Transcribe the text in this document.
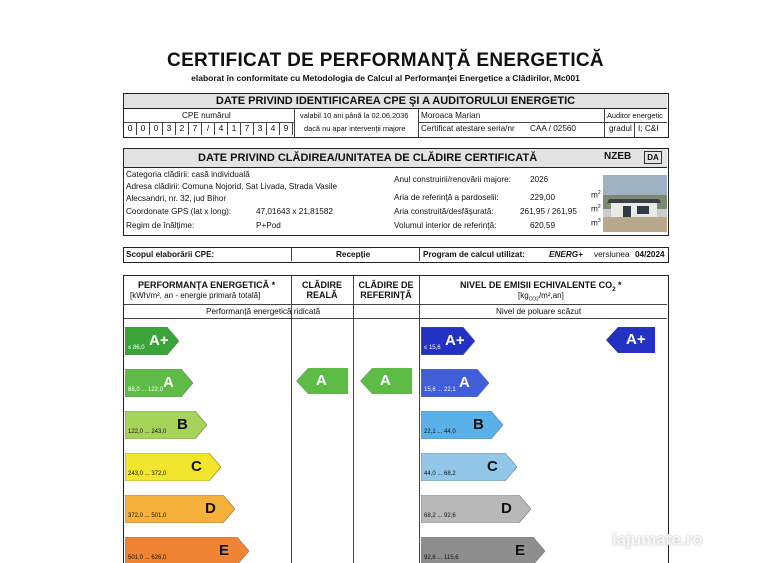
CERTIFICAT DE PERFORMANŢĂ ENERGETICĂ
elaborat în conformitate cu Metodologia de Calcul al Performanţei Energetice a Clădirilor, Mc001
DATE PRIVIND IDENTIFICAREA CPE ŞI A AUDITORULUI ENERGETIC
CPE numărul
0 0 0 3 2 7	/	4 1 7 3 4 9
valabil 10 ani până la 02.06.2036
dacă nu apar intervenţii majore
Moroaca Marian
Certificat atestare seria/nr CAA / 02560
Auditor energetic
gradul I; C&I
DATE PRIVIND CLĂDIREA/UNITATEA DE CLĂDIRE CERTIFICATĂ
Categoria clădirii: casă individuală
Adresa clădirii: Comuna Nojorid, Sat Livada, Strada Vasile
Alecsandri, nr. 32, jud Bihor
Coordonate GPS (lat x long):	47,01643 x 21,81582
Regim de înălţime:	P+Pod
Anul construirii/renovării majore: 2026
Aria de referinţă a pardoselii:	229,00	$m^2$
Aria construită/desfăşurată:	261,95 / 261,95 $m^2$
Volumul interior de referinţă:	620,59	$m^3$
NZEB	DA
Scopul elaborării CPE:	Recepție	Program de calcul utilizat:	ENERG+ versiunea 04/2024
PERFORMANŢA ENERGETICĂ *
[kWh/m², an - energie primară totală]
CLĂDIRE
REALĂ
CLĂDIRE DE
REFERINŢĂ
NIVEL DE EMISII ECHIVALENTE $CO_2$ *
$[kg_{CO2}/m^2,an]$
Performanţă energetică ridicată	Nivel de poluare scăzut
A+
≤ 86,0
A
86,0 ... 122,0
B
122,0 ... 243,0
C
243,0 ... 372,0
D
372,0 ... 501,0
E
501,0 ... 626,0
A+
≤ 15,6
A
15,6 ... 22,1
B
22,1 ... 44,0
C
44,0 ... 68,2
D
68,2 ... 92,6
E
92,6 ... 115,6
A	A
A+
lajumate.ro
